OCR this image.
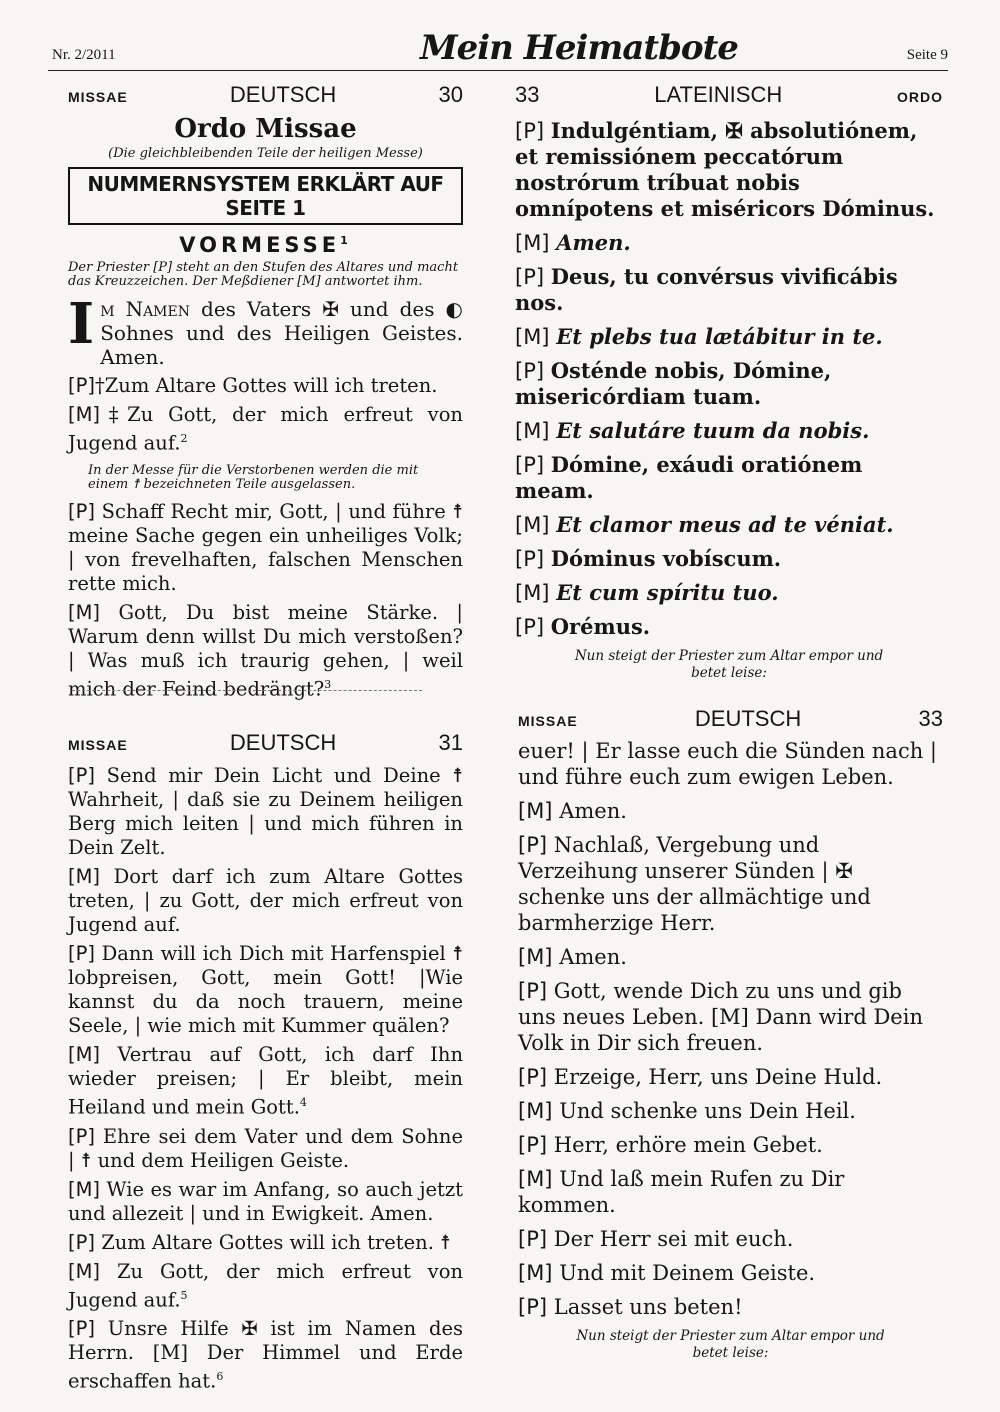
Nr. 2/2011	Mein Heimatbote	Seite 9
MISSAE	DEUTSCH	30
Ordo Missae
(Die gleichbleibenden Teile der heiligen Messe)
NUMMERNSYSTEM ERKLÄRT AUF SEITE 1
VORMESSE$^1$
Der Priester [P] steht an den Stufen des Altares und macht das Kreuzzeichen. Der Meßdiener [M] antwortet ihm.
Im Namen des Vaters ✠ und des ◐ Sohnes und des Heiligen Geistes. Amen.
[P]†Zum Altare Gottes will ich treten.
[M]‡Zu Gott, der mich erfreut von Jugend auf.$^2$
In der Messe für die Verstorbenen werden die mit einem ☨ bezeichneten Teile ausgelassen.
[P] Schaff Recht mir, Gott, | und führe ☨ meine Sache gegen ein unheiliges Volk; | von frevelhaften, falschen Menschen rette mich.
[M] Gott, Du bist meine Stärke. | Warum denn willst Du mich verstoßen? | Was muß ich traurig gehen, | weil mich der Feind bedrängt?$^3$
33	LATEINISCH	ORDO
[P] Indulgéntiam, ✠ absolutiónem, et remissiónem peccatórum nostrórum tríbuat nobis omnípotens et miséricors Dóminus.
[M] Amen.
[P] Deus, tu convérsus vivificábis nos.
[M] Et plebs tua lætábitur in te.
[P] Osténde nobis, Dómine, misericórdiam tuam.
[M] Et salutáre tuum da nobis.
[P] Dómine, exáudi oratiónem meam.
[M] Et clamor meus ad te véniat.
[P] Dóminus vobíscum.
[M] Et cum spíritu tuo.
[P] Orémus.
Nun steigt der Priester zum Altar empor und betet leise:
MISSAE	DEUTSCH	31
[P] Send mir Dein Licht und Deine ☨ Wahrheit, | daß sie zu Deinem heiligen Berg mich leiten | und mich führen in Dein Zelt.
[M] Dort darf ich zum Altare Gottes treten, | zu Gott, der mich erfreut von Jugend auf.
[P] Dann will ich Dich mit Harfenspiel ☨ lobpreisen, Gott, mein Gott! |Wie kannst du da noch trauern, meine Seele, | wie mich mit Kummer quälen?
[M] Vertrau auf Gott, ich darf Ihn wieder preisen; | Er bleibt, mein Heiland und mein Gott.$^4$
[P] Ehre sei dem Vater und dem Sohne | ☨ und dem Heiligen Geiste.
[M] Wie es war im Anfang, so auch jetzt und allezeit | und in Ewigkeit. Amen.
[P] Zum Altare Gottes will ich treten. ☨
[M] Zu Gott, der mich erfreut von Jugend auf.$^5$
[P] Unsre Hilfe ✠ ist im Namen des Herrn. [M] Der Himmel und Erde erschaffen hat.$^6$
MISSAE	DEUTSCH	33
euer! | Er lasse euch die Sünden nach | und führe euch zum ewigen Leben.
[M] Amen.
[P] Nachlaß, Vergebung und Verzeihung unserer Sünden | ✠ schenke uns der allmächtige und barmherzige Herr.
[M] Amen.
[P] Gott, wende Dich zu uns und gib uns neues Leben. [M] Dann wird Dein Volk in Dir sich freuen.
[P] Erzeige, Herr, uns Deine Huld.
[M] Und schenke uns Dein Heil.
[P] Herr, erhöre mein Gebet.
[M] Und laß mein Rufen zu Dir kommen.
[P] Der Herr sei mit euch.
[M] Und mit Deinem Geiste.
[P] Lasset uns beten!
Nun steigt der Priester zum Altar empor und betet leise:
